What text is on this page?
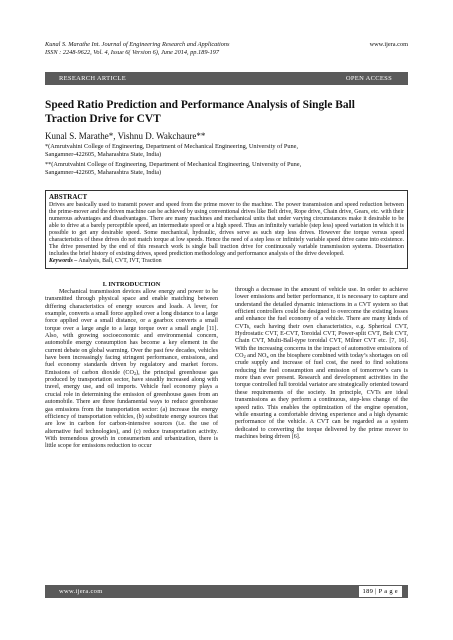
Kunal S. Marathe Int. Journal of Engineering Research and Applications
ISSN : 2248-9622, Vol. 4, Issue 6( Version 6), June 2014, pp.189-197
www.ijera.com
RESEARCH ARTICLE	OPEN ACCESS
Speed Ratio Prediction and Performance Analysis of Single Ball
Traction Drive for CVT
Kunal S. Marathe*, Vishnu D. Wakchaure**
*(Amrutvahini College of Engineering, Department of Mechanical Engineering, University of Pune,
Sangamner-422605, Maharashtra State, India)
**(Amrutvahini College of Engineering, Department of Mechanical Engineering, University of Pune,
Sangamner-422605, Maharashtra State, India)
ABSTRACT
Drives are basically used to transmit power and speed from the prime mover to the machine. The power transmission and speed reduction between the prime-mover and the driven machine can be achieved by using conventional drives like Belt drive, Rope drive, Chain drive, Gears, etc. with their numerous advantages and disadvantages. There are many machines and mechanical units that under varying circumstances make it desirable to be able to drive at a barely perceptible speed, an intermediate speed or a high speed. Thus an infinitely variable (step less) speed variation in which it is possible to get any desirable speed. Some mechanical, hydraulic, drives serve as such step less drives. However the torque versus speed characteristics of these drives do not match torque at low speeds. Hence the need of a step less or infinitely variable speed drive came into existence. The drive presented by the end of this research work is single ball traction drive for continuously variable transmission systems. Dissertation includes the brief history of existing drives, speed prediction methodology and performance analysis of the drive developed.
Keywords – Analysis, Ball, CVT, IVT, Traction
I. INTRODUCTION
Mechanical transmission devices allow energy and power to be transmitted through physical space and enable matching between differing characteristics of energy sources and loads. A lever, for example, converts a small force applied over a long distance to a large force applied over a small distance, or a gearbox converts a small torque over a large angle to a large torque over a small angle [11]. Also, with growing socioeconomic and environmental concern, automobile energy consumption has become a key element in the current debate on global warming. Over the past few decades, vehicles have been increasingly facing stringent performance, emissions, and fuel economy standards driven by regulatory and market forces. Emissions of carbon dioxide $(CO_2)$, the principal greenhouse gas produced by transportation sector, have steadily increased along with travel, energy use, and oil imports. Vehicle fuel economy plays a crucial role in determining the emission of greenhouse gases from an automobile. There are three fundamental ways to reduce greenhouse gas emissions from the transportation sector: (a) increase the energy efficiency of transportation vehicles, (b) substitute energy sources that are low in carbon for carbon-intensive sources (i.e. the use of alternative fuel technologies), and (c) reduce transportation activity. With tremendous growth in consumerism and urbanization, there is little scope for emissions reduction to occur
through a decrease in the amount of vehicle use. In order to achieve lower emissions and better performance, it is necessary to capture and understand the detailed dynamic interactions in a CVT system so that efficient controllers could be designed to overcome the existing losses and enhance the fuel economy of a vehicle. There are many kinds of CVTs, each having their own characteristics, e.g. Spherical CVT, Hydrostatic CVT, E-CVT, Toroidal CVT, Power-split CVT, Belt CVT, Chain CVT, Multi-Ball-type toroidal CVT, Milner CVT etc. [7, 16]. With the increasing concerns in the impact of automotive emissions of $CO_2$ and $NO_x$ on the biosphere combined with today’s shortages on oil crude supply and increase of fuel cost, the need to find solutions reducing the fuel consumption and emission of tomorrow’s cars is more than ever present. Research and development activities in the torque controlled full toroidal variator are strategically oriented toward these requirements of the society. In principle, CVTs are ideal transmissions as they perform a continuous, step-less change of the speed ratio. This enables the optimization of the engine operation, while ensuring a comfortable driving experience and a high dynamic performance of the vehicle. A CVT can be regarded as a system dedicated to converting the torque delivered by the prime mover to machines being driven [6].
www.ijera.com	189 | P a g e
